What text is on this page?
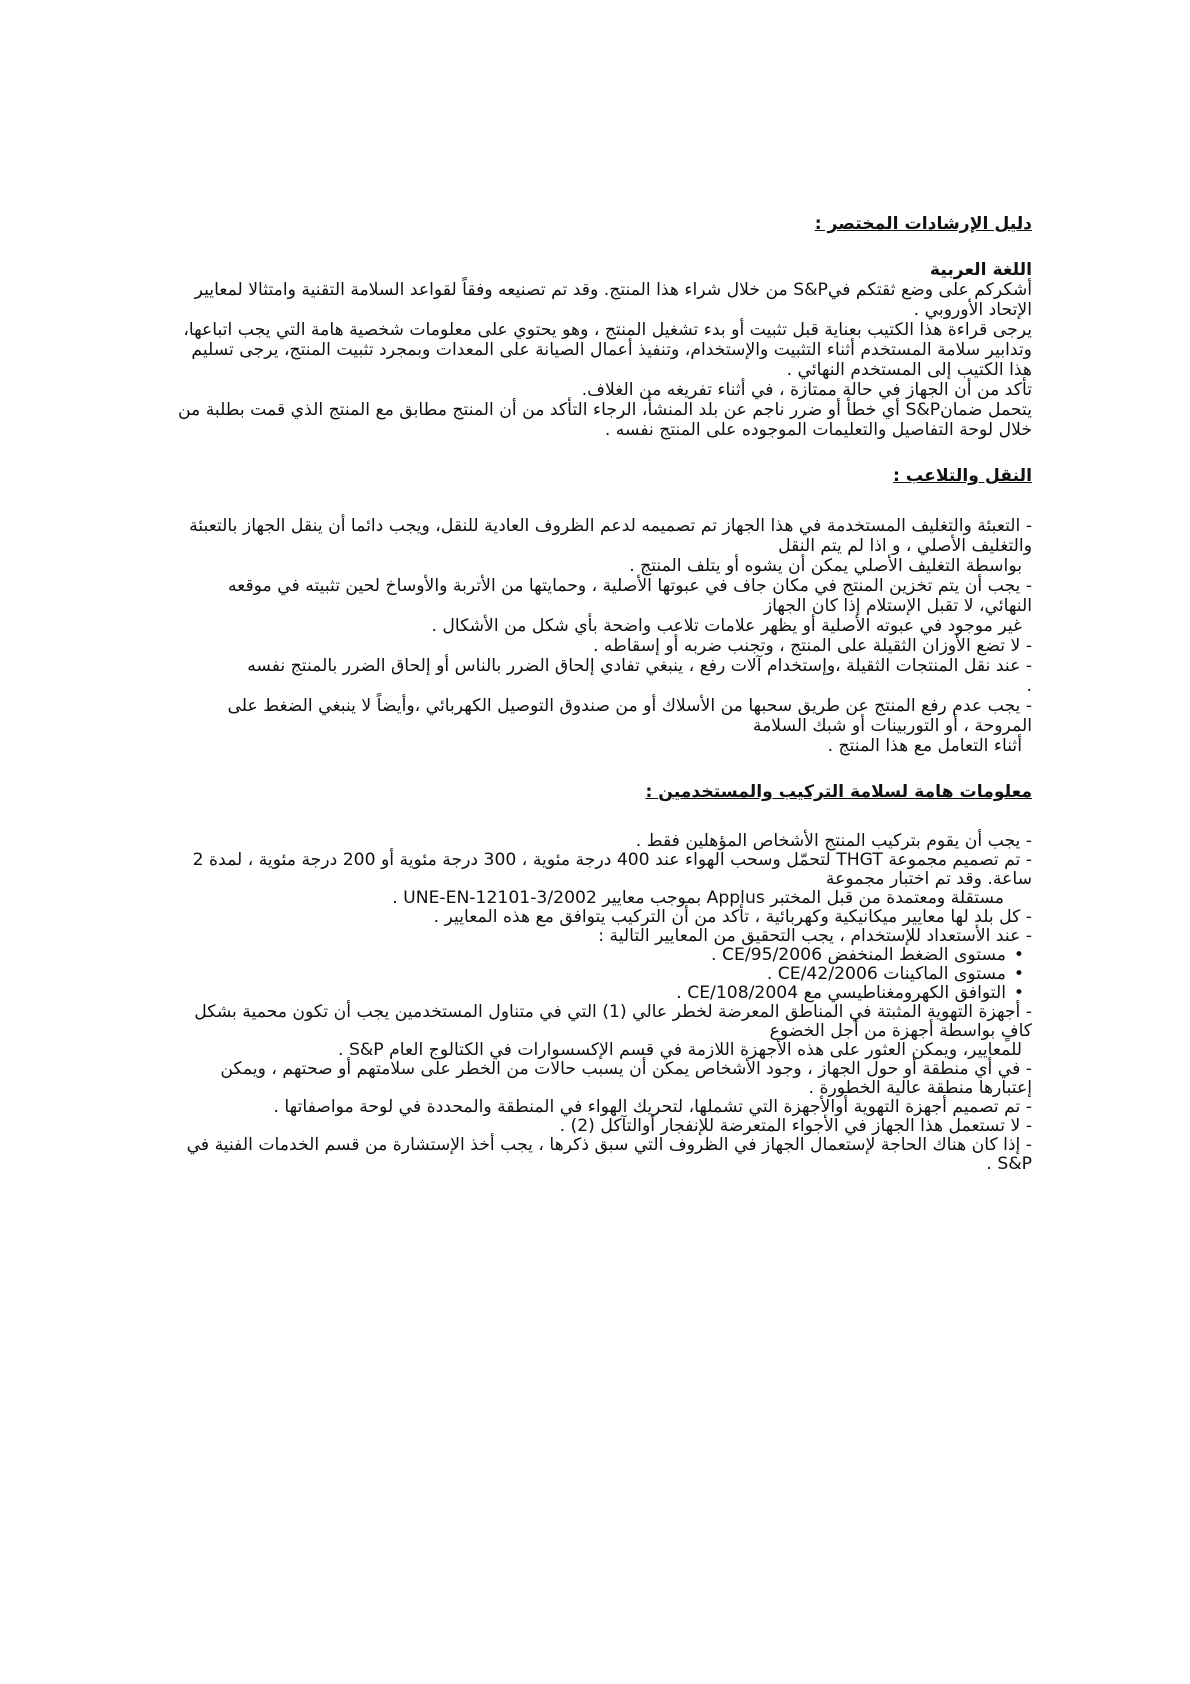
دليل الإرشادات المختصر :

اللغة العربية

أشكركم على وضع ثقتكم فيS&P من خلال شراء هذا المنتج. وقد تم تصنيعه وفقاً لقواعد السلامة التقنية وامتثالا لمعايير الإتحاد الأوروبي .

يرجى قراءة هذا الكتيب بعناية قبل تثبيت أو بدء تشغيل المنتج ، وهو يحتوي على معلومات شخصية هامة التي يجب اتباعها، وتدابير سلامة المستخدم أثناء التثبيت والإستخدام، وتنفيذ أعمال الصيانة على المعدات وبمجرد تثبيت المنتج، يرجى تسليم هذا الكتيب إلى المستخدم النهائي .

تأكد من أن الجهاز في حالة ممتازة ، في أثناء تفريغه من الغلاف.

يتحمل ضمانS&P أي خطأ أو ضرر ناجم عن بلد المنشأ، الرجاء التأكد من أن المنتج مطابق مع المنتج الذي قمت بطلبة من خلال لوحة التفاصيل والتعليمات الموجوده على المنتج نفسه .

النقل والتلاعب :

- التعبئة والتغليف المستخدمة في هذا الجهاز تم تصميمه لدعم الظروف العادية للنقل، ويجب دائما أن ينقل الجهاز بالتعبئة والتغليف الأصلي ، و اذا لم يتم النقل

بواسطة التغليف الأصلي يمكن أن يشوه أو يتلف المنتج .

- يجب أن يتم تخزين المنتج في مكان جاف في عبوتها الأصلية ، وحمايتها من الأتربة والأوساخ لحين تثبيته في موقعه النهائي، لا تقبل الإستلام إذا كان الجهاز

غير موجود في عبوته الأصلية أو يظهر علامات تلاعب واضحة بأي شكل من الأشكال .

- لا تضع الأوزان الثقيلة على المنتج ، وتجنب ضربه أو إسقاطه .

- عند نقل المنتجات الثقيلة ،وإستخدام آلات رفع ، ينبغي تفادي إلحاق الضرر بالناس أو إلحاق الضرر بالمنتج نفسه

.

- يجب عدم رفع المنتج عن طريق سحبها من الأسلاك أو من صندوق التوصيل الكهربائي ،وأيضاً لا ينبغي الضغط على المروحة ، أو التوربينات أو شبك السلامة

أثناء التعامل مع هذا المنتج .

معلومات هامة لسلامة التركيب والمستخدمين :

- يجب أن يقوم بتركيب المنتج الأشخاص المؤهلين فقط .

- تم تصميم مجموعة THGT لتحمّل وسحب الهواء عند 400 درجة مئوية ، 300 درجة مئوية أو 200 درجة مئوية ، لمدة 2 ساعة. وقد تم اختبار مجموعة

مستقلة ومعتمدة من قبل المختبر Applus بموجب معايير UNE-EN-12101-3/2002 .

- كل بلد لها معايير ميكانيكية وكهربائية ، تأكد من أن التركيب يتوافق مع هذه المعايير .

- عند الأستعداد للإستخدام ، يجب التحقيق من المعايير التالية :

• مستوى الضغط المنخفض CE/95/2006 .
• مستوى الماكينات CE/42/2006 .
• التوافق الكهرومغناطيسي مع CE/108/2004 .

- أجهزة التهوية المثبتة في المناطق المعرضة لخطر عالي (1) التي في متناول المستخدمين يجب أن تكون محمية بشكل كافٍ بواسطة أجهزة من أجل الخضوع

للمعايير، ويمكن العثور على هذه الأجهزة اللازمة في قسم الإكسسوارات في الكتالوج العام S&P .

- في أي منطقة أو حول الجهاز ، وجود الأشخاص يمكن أن يسبب حالات من الخطر على سلامتهم أو صحتهم ، ويمكن إعتبارها منطقة عالية الخطورة .

- تم تصميم أجهزة التهوية أوالأجهزة التي تشملها، لتحريك الهواء في المنطقة والمحددة في لوحة مواصفاتها .

- لا تستعمل هذا الجهاز في الأجواء المتعرضة للإنفجار أوالتآكل (2) .

- إذا كان هناك الحاجة لإستعمال الجهاز في الظروف التي سبق ذكرها ، يجب أخذ الإستشارة من قسم الخدمات الفنية في S&P .
